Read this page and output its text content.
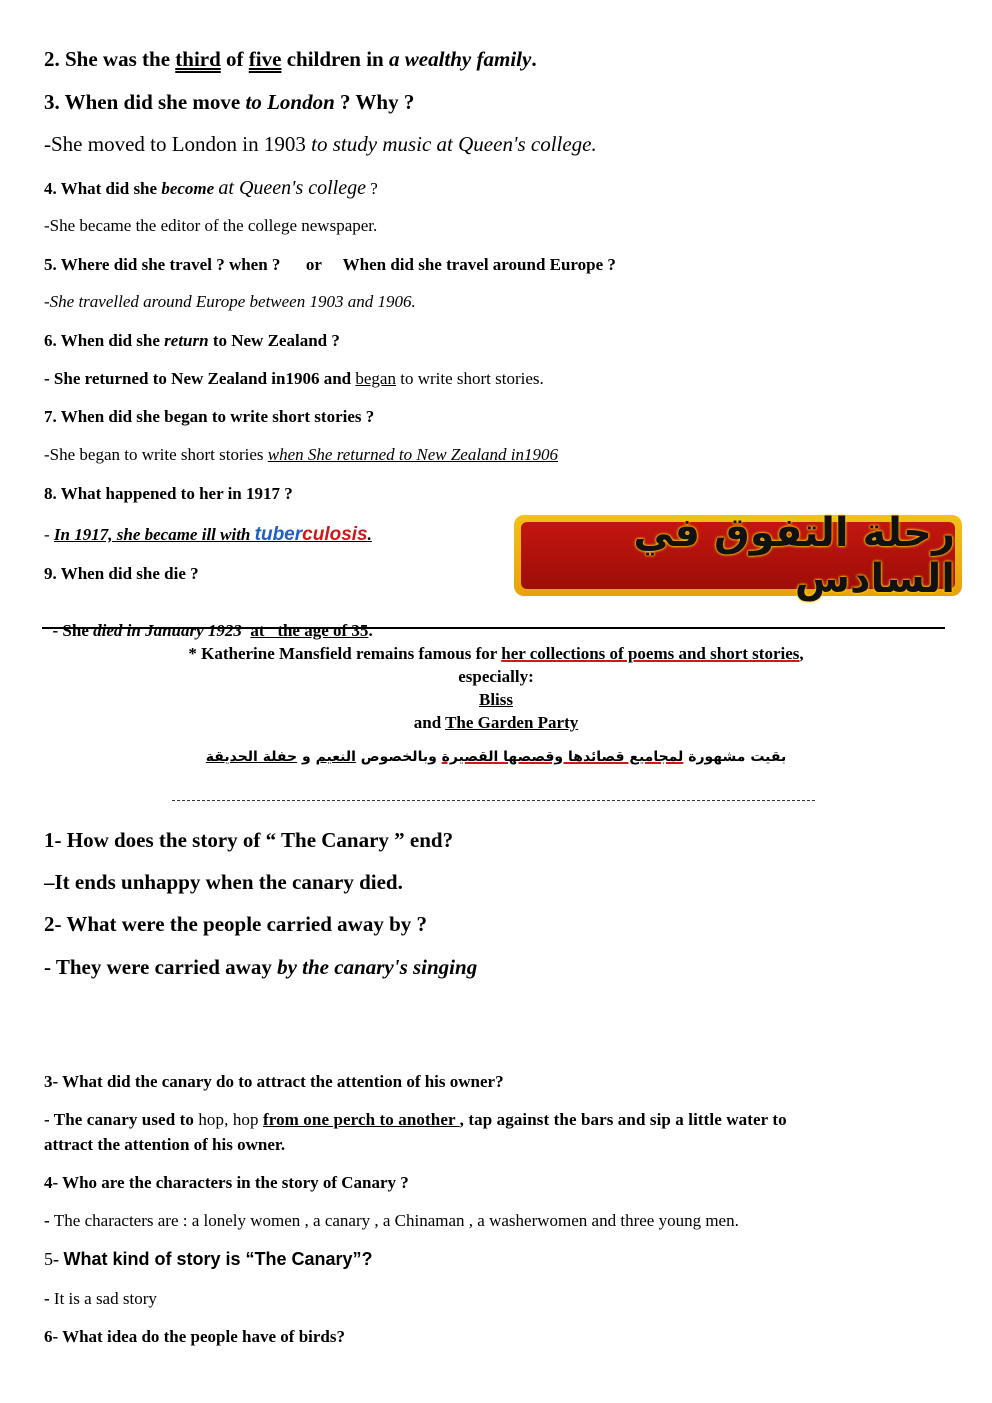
2. She was the third of five children in a wealthy family.
3. When did she move to London ? Why ?
-She moved to London in 1903 to study music at Queen's college.
4. What did she become at Queen's college ?
-She became the editor of the college newspaper.
5. Where did she travel ? when ?      or     When did she travel around Europe ?
-She travelled around Europe between 1903 and 1906.
6. When did she return to New Zealand ?
- She returned to New Zealand in1906 and began to write short stories.
7. When did she began to write short stories ?
-She began to write short stories when She returned to New Zealand in1906
8. What happened to her in 1917 ?
- In 1917, she became ill with tuberculosis.	رحلة التفوق في السادس
9. When did she die ?

- She died in January 1923 at   the age of 35.

* Katherine Mansfield remains famous for her collections of poems and short stories,
especially:
Bliss
and The Garden Party
بقيت مشهورة لمجاميع قصائدها وقصصها القصيرة وبالخصوص النعيم و حفلة الحديقة
1- How does the story of “ The Canary ” end?
–It ends unhappy when the canary died.
2- What were the people carried away by ?
- They were carried away by the canary's singing
3- What did the canary do to attract the attention of his owner?
- The canary used to hop, hop from one perch to another , tap against the bars and sip a little water to
attract the attention of his owner.
4- Who are the characters in the story of Canary ?
- The characters are : a lonely women , a canary , a Chinaman , a washerwomen and three young men.
5- What kind of story is “The Canary”?
- It is a sad story
6- What idea do the people have of birds?
